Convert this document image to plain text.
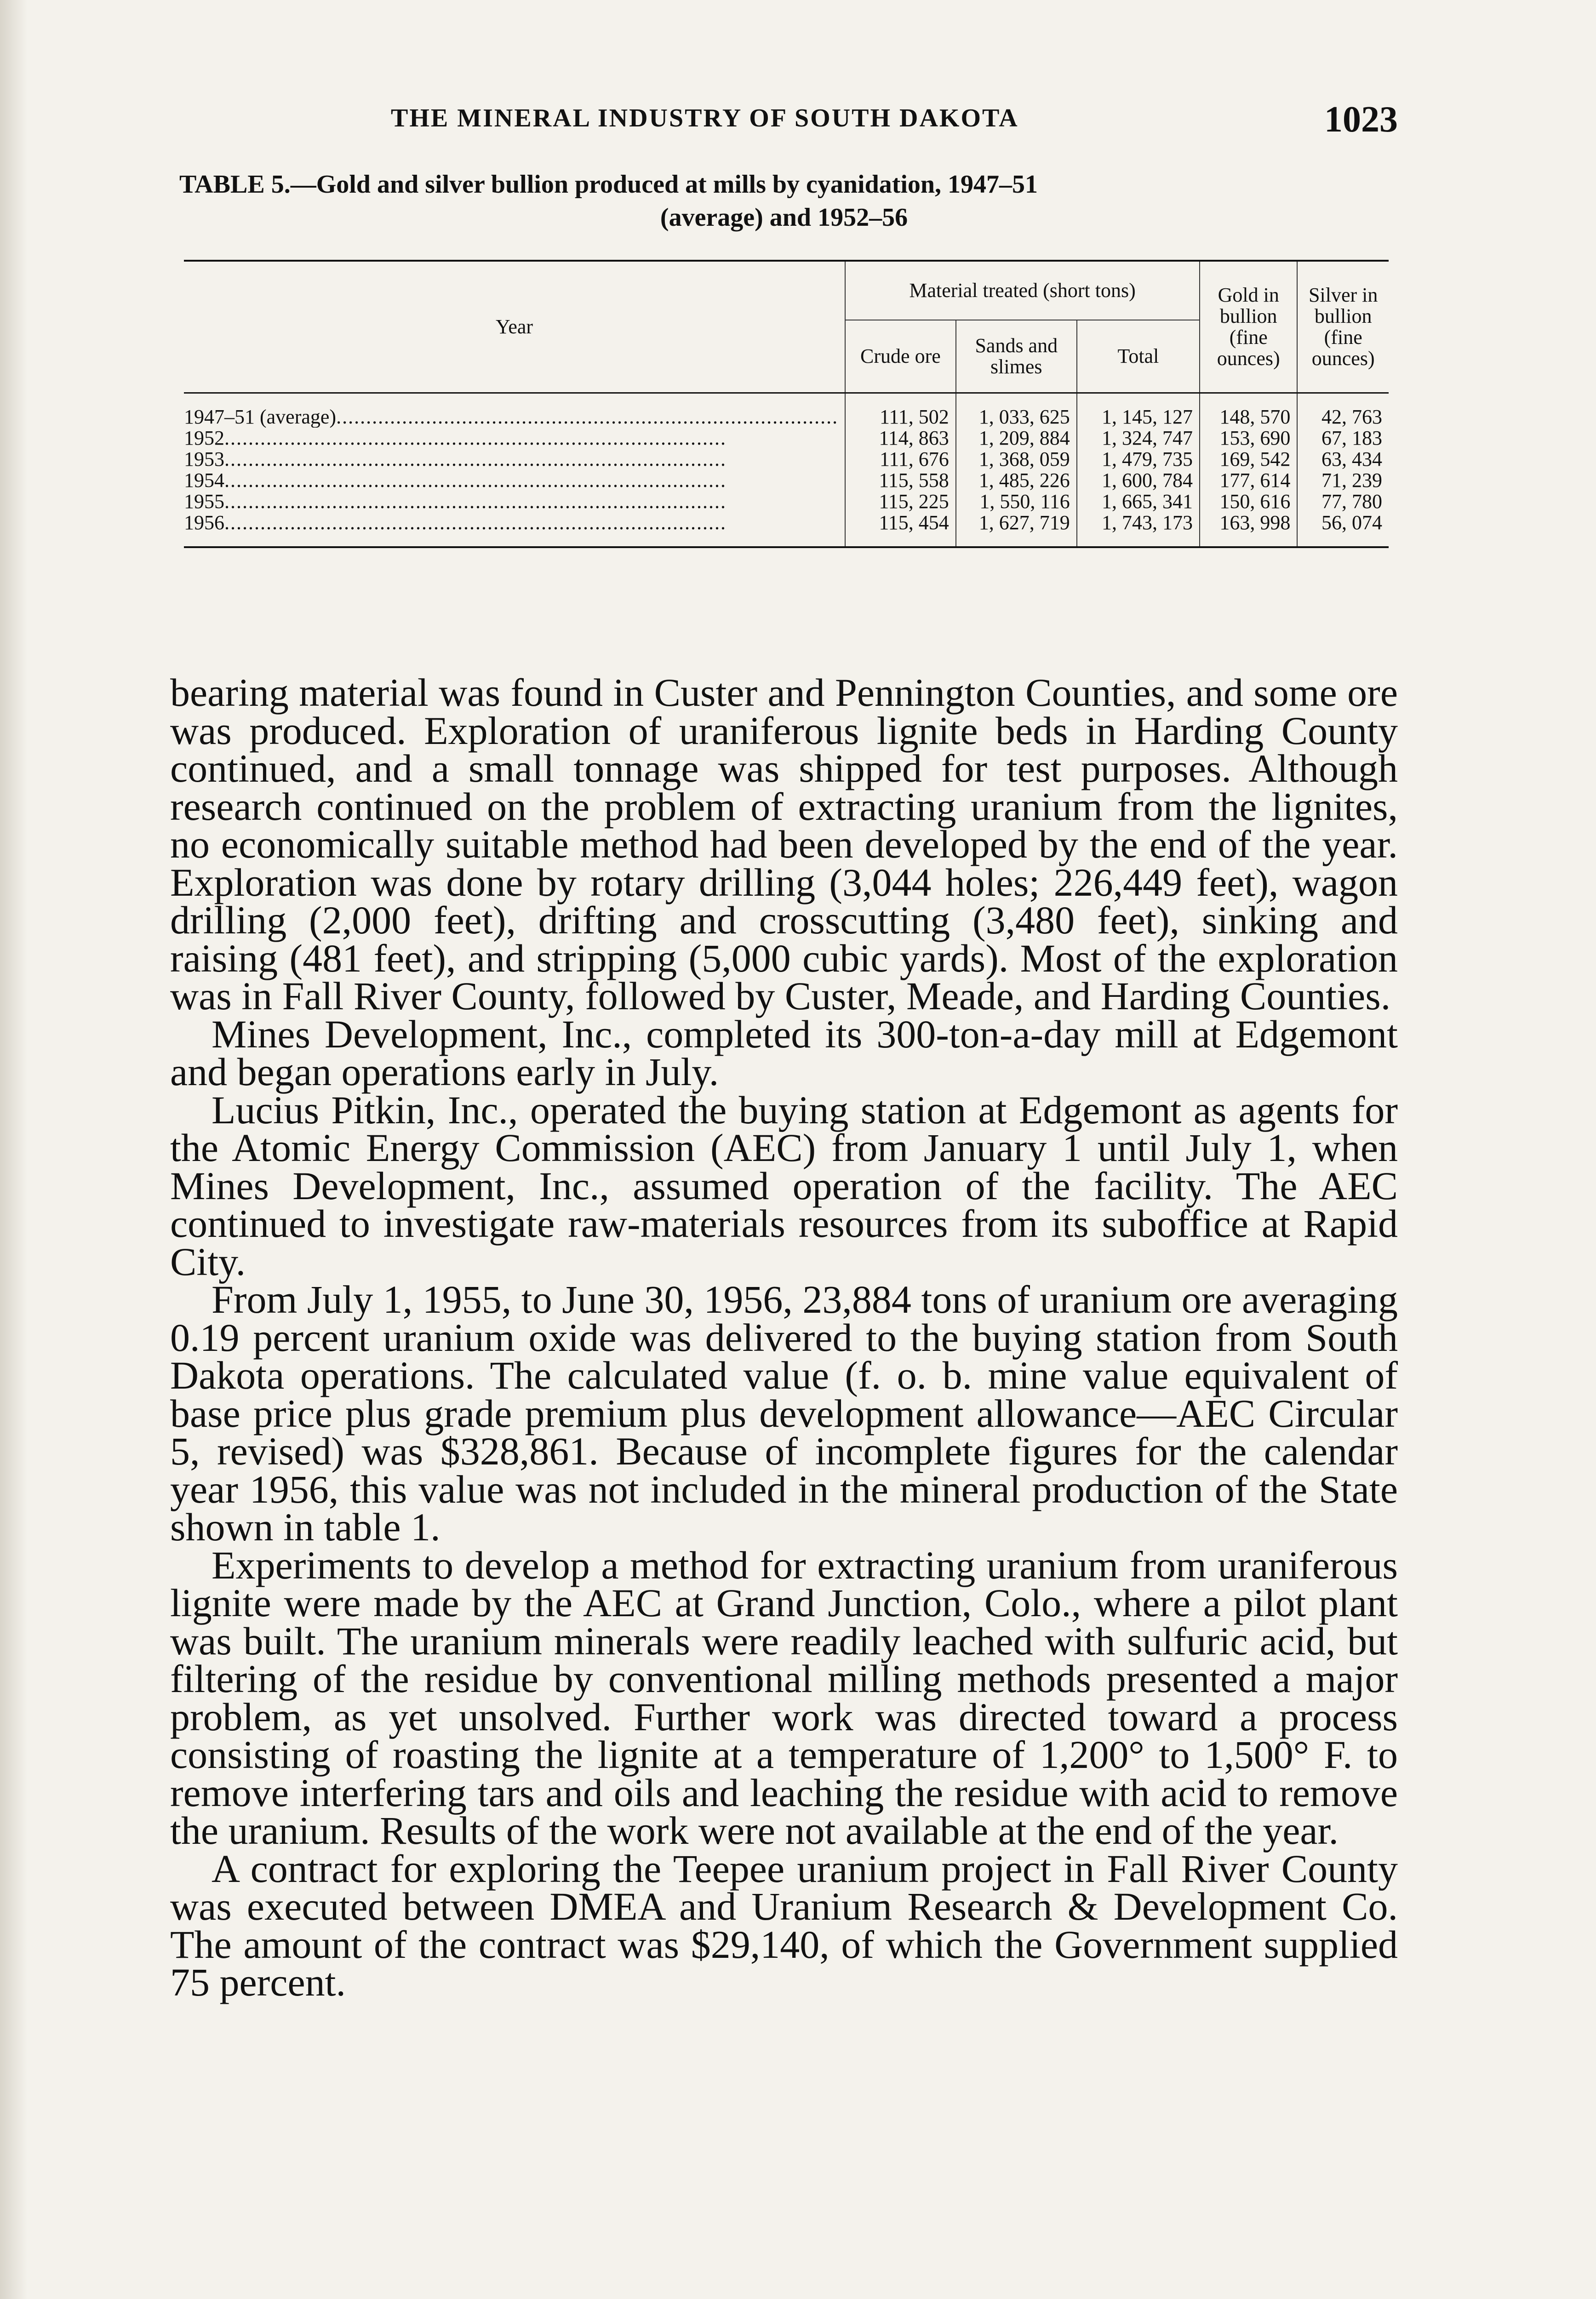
THE MINERAL INDUSTRY OF SOUTH DAKOTA	1023
TABLE 5.—Gold and silver bullion produced at mills by cyanidation, 1947–51
(average) and 1952–56
Year	Material treated (short tons)			Gold in bullion (fine ounces)	Silver in bullion (fine ounces)
	Crude ore	Sands and slimes	Total		
1947–51 (average)....................................................................................	111, 502	1, 033, 625	1, 145, 127	148, 570	42, 763
1952....................................................................................	114, 863	1, 209, 884	1, 324, 747	153, 690	67, 183
1953....................................................................................	111, 676	1, 368, 059	1, 479, 735	169, 542	63, 434
1954....................................................................................	115, 558	1, 485, 226	1, 600, 784	177, 614	71, 239
1955....................................................................................	115, 225	1, 550, 116	1, 665, 341	150, 616	77, 780
1956....................................................................................	115, 454	1, 627, 719	1, 743, 173	163, 998	56, 074

bearing material was found in Custer and Pennington Counties, and some ore was produced. Exploration of uraniferous lignite beds in Harding County continued, and a small tonnage was shipped for test purposes. Although research continued on the problem of extracting uranium from the lignites, no economically suitable method had been developed by the end of the year. Exploration was done by rotary drilling (3,044 holes; 226,449 feet), wagon drilling (2,000 feet), drifting and crosscutting (3,480 feet), sinking and raising (481 feet), and stripping (5,000 cubic yards). Most of the exploration was in Fall River County, followed by Custer, Meade, and Harding Counties.

Mines Development, Inc., completed its 300-ton-a-day mill at Edgemont and began operations early in July.

Lucius Pitkin, Inc., operated the buying station at Edgemont as agents for the Atomic Energy Commission (AEC) from January 1 until July 1, when Mines Development, Inc., assumed operation of the facility. The AEC continued to investigate raw-materials resources from its suboffice at Rapid City.

From July 1, 1955, to June 30, 1956, 23,884 tons of uranium ore averaging 0.19 percent uranium oxide was delivered to the buying station from South Dakota operations. The calculated value (f. o. b. mine value equivalent of base price plus grade premium plus development allowance—AEC Circular 5, revised) was $328,861. Because of incomplete figures for the calendar year 1956, this value was not included in the mineral production of the State shown in table 1.

Experiments to develop a method for extracting uranium from uraniferous lignite were made by the AEC at Grand Junction, Colo., where a pilot plant was built. The uranium minerals were readily leached with sulfuric acid, but filtering of the residue by conventional milling methods presented a major problem, as yet unsolved. Further work was directed toward a process consisting of roasting the lignite at a temperature of 1,200° to 1,500° F. to remove interfering tars and oils and leaching the residue with acid to remove the uranium. Results of the work were not available at the end of the year.

A contract for exploring the Teepee uranium project in Fall River County was executed between DMEA and Uranium Research & Development Co. The amount of the contract was $29,140, of which the Government supplied 75 percent.
